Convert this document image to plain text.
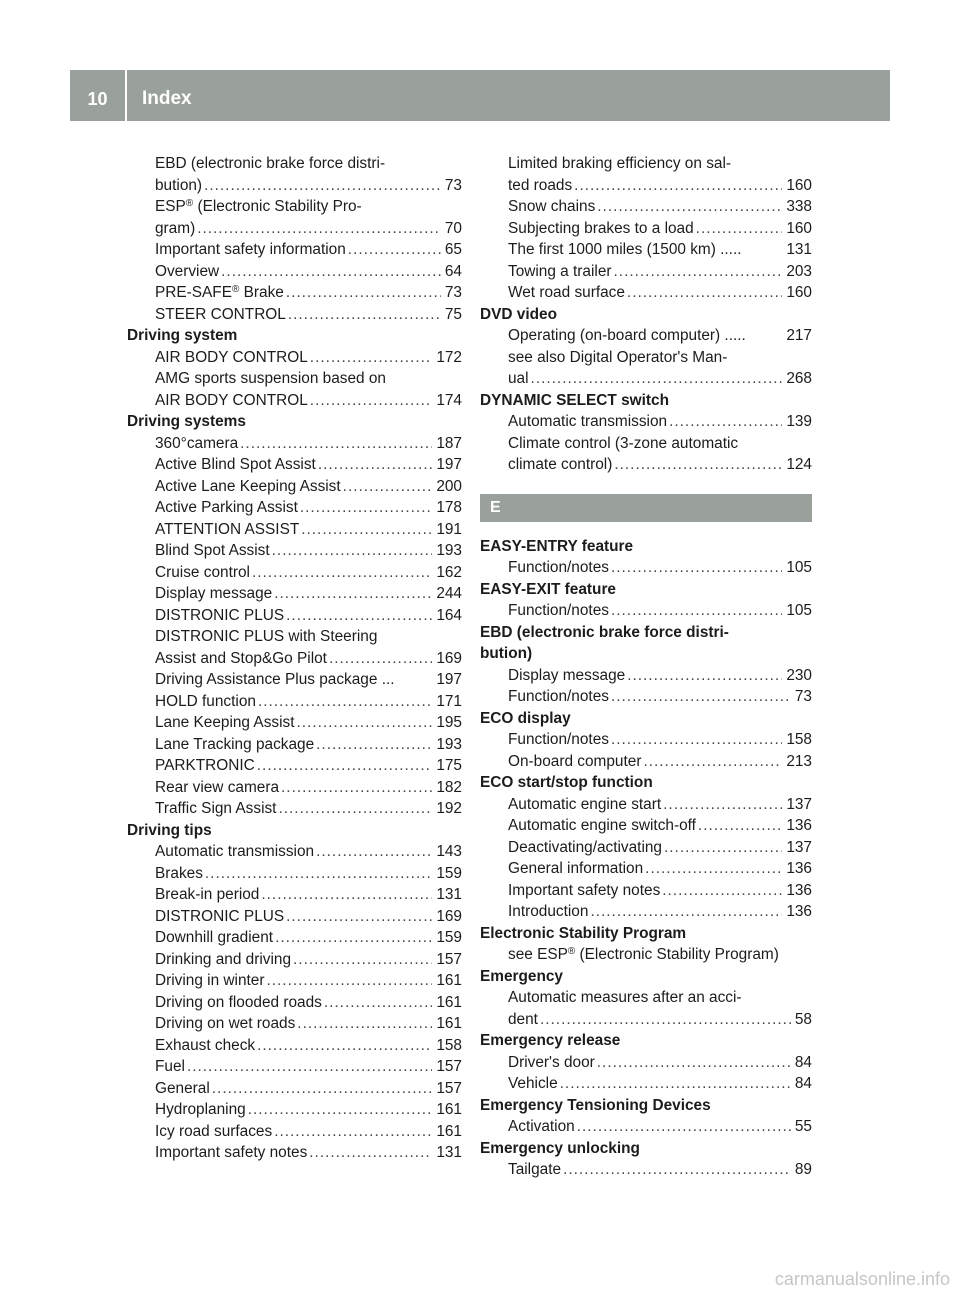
10	Index
EBD (electronic brake force distri-
bution) .....	73
ESP® (Electronic Stability Pro-
gram) .....	70
Important safety information .....	65
Overview .....	64
PRE-SAFE® Brake .....	73
STEER CONTROL .....	75
Driving system
AIR BODY CONTROL .....	172
AMG sports suspension based on
AIR BODY CONTROL .....	174
Driving systems
360°camera .....	187
Active Blind Spot Assist .....	197
Active Lane Keeping Assist .....	200
Active Parking Assist .....	178
ATTENTION ASSIST .....	191
Blind Spot Assist .....	193
Cruise control .....	162
Display message .....	244
DISTRONIC PLUS .....	164
DISTRONIC PLUS with Steering
Assist and Stop&Go Pilot .....	169
Driving Assistance Plus package ...	197
HOLD function .....	171
Lane Keeping Assist .....	195
Lane Tracking package .....	193
PARKTRONIC .....	175
Rear view camera .....	182
Traffic Sign Assist .....	192
Driving tips
Automatic transmission .....	143
Brakes .....	159
Break-in period .....	131
DISTRONIC PLUS .....	169
Downhill gradient .....	159
Drinking and driving .....	157
Driving in winter .....	161
Driving on flooded roads .....	161
Driving on wet roads .....	161
Exhaust check .....	158
Fuel .....	157
General .....	157
Hydroplaning .....	161
Icy road surfaces .....	161
Important safety notes .....	131
Limited braking efficiency on sal-
ted roads .....	160
Snow chains .....	338
Subjecting brakes to a load .....	160
The first 1000 miles (1500 km) .....	131
Towing a trailer .....	203
Wet road surface .....	160
DVD video
Operating (on-board computer) .....	217
see also Digital Operator's Man-
ual .....	268
DYNAMIC SELECT switch
Automatic transmission .....	139
Climate control (3-zone automatic
climate control) .....	124
E
EASY-ENTRY feature
Function/notes .....	105
EASY-EXIT feature
Function/notes .....	105
EBD (electronic brake force distri-
bution)
Display message .....	230
Function/notes .....	73
ECO display
Function/notes .....	158
On-board computer .....	213
ECO start/stop function
Automatic engine start .....	137
Automatic engine switch-off .....	136
Deactivating/activating .....	137
General information .....	136
Important safety notes .....	136
Introduction .....	136
Electronic Stability Program
see ESP® (Electronic Stability Program)
Emergency
Automatic measures after an acci-
dent .....	58
Emergency release
Driver's door .....	84
Vehicle .....	84
Emergency Tensioning Devices
Activation .....	55
Emergency unlocking
Tailgate .....	89
carmanualsonline.info
